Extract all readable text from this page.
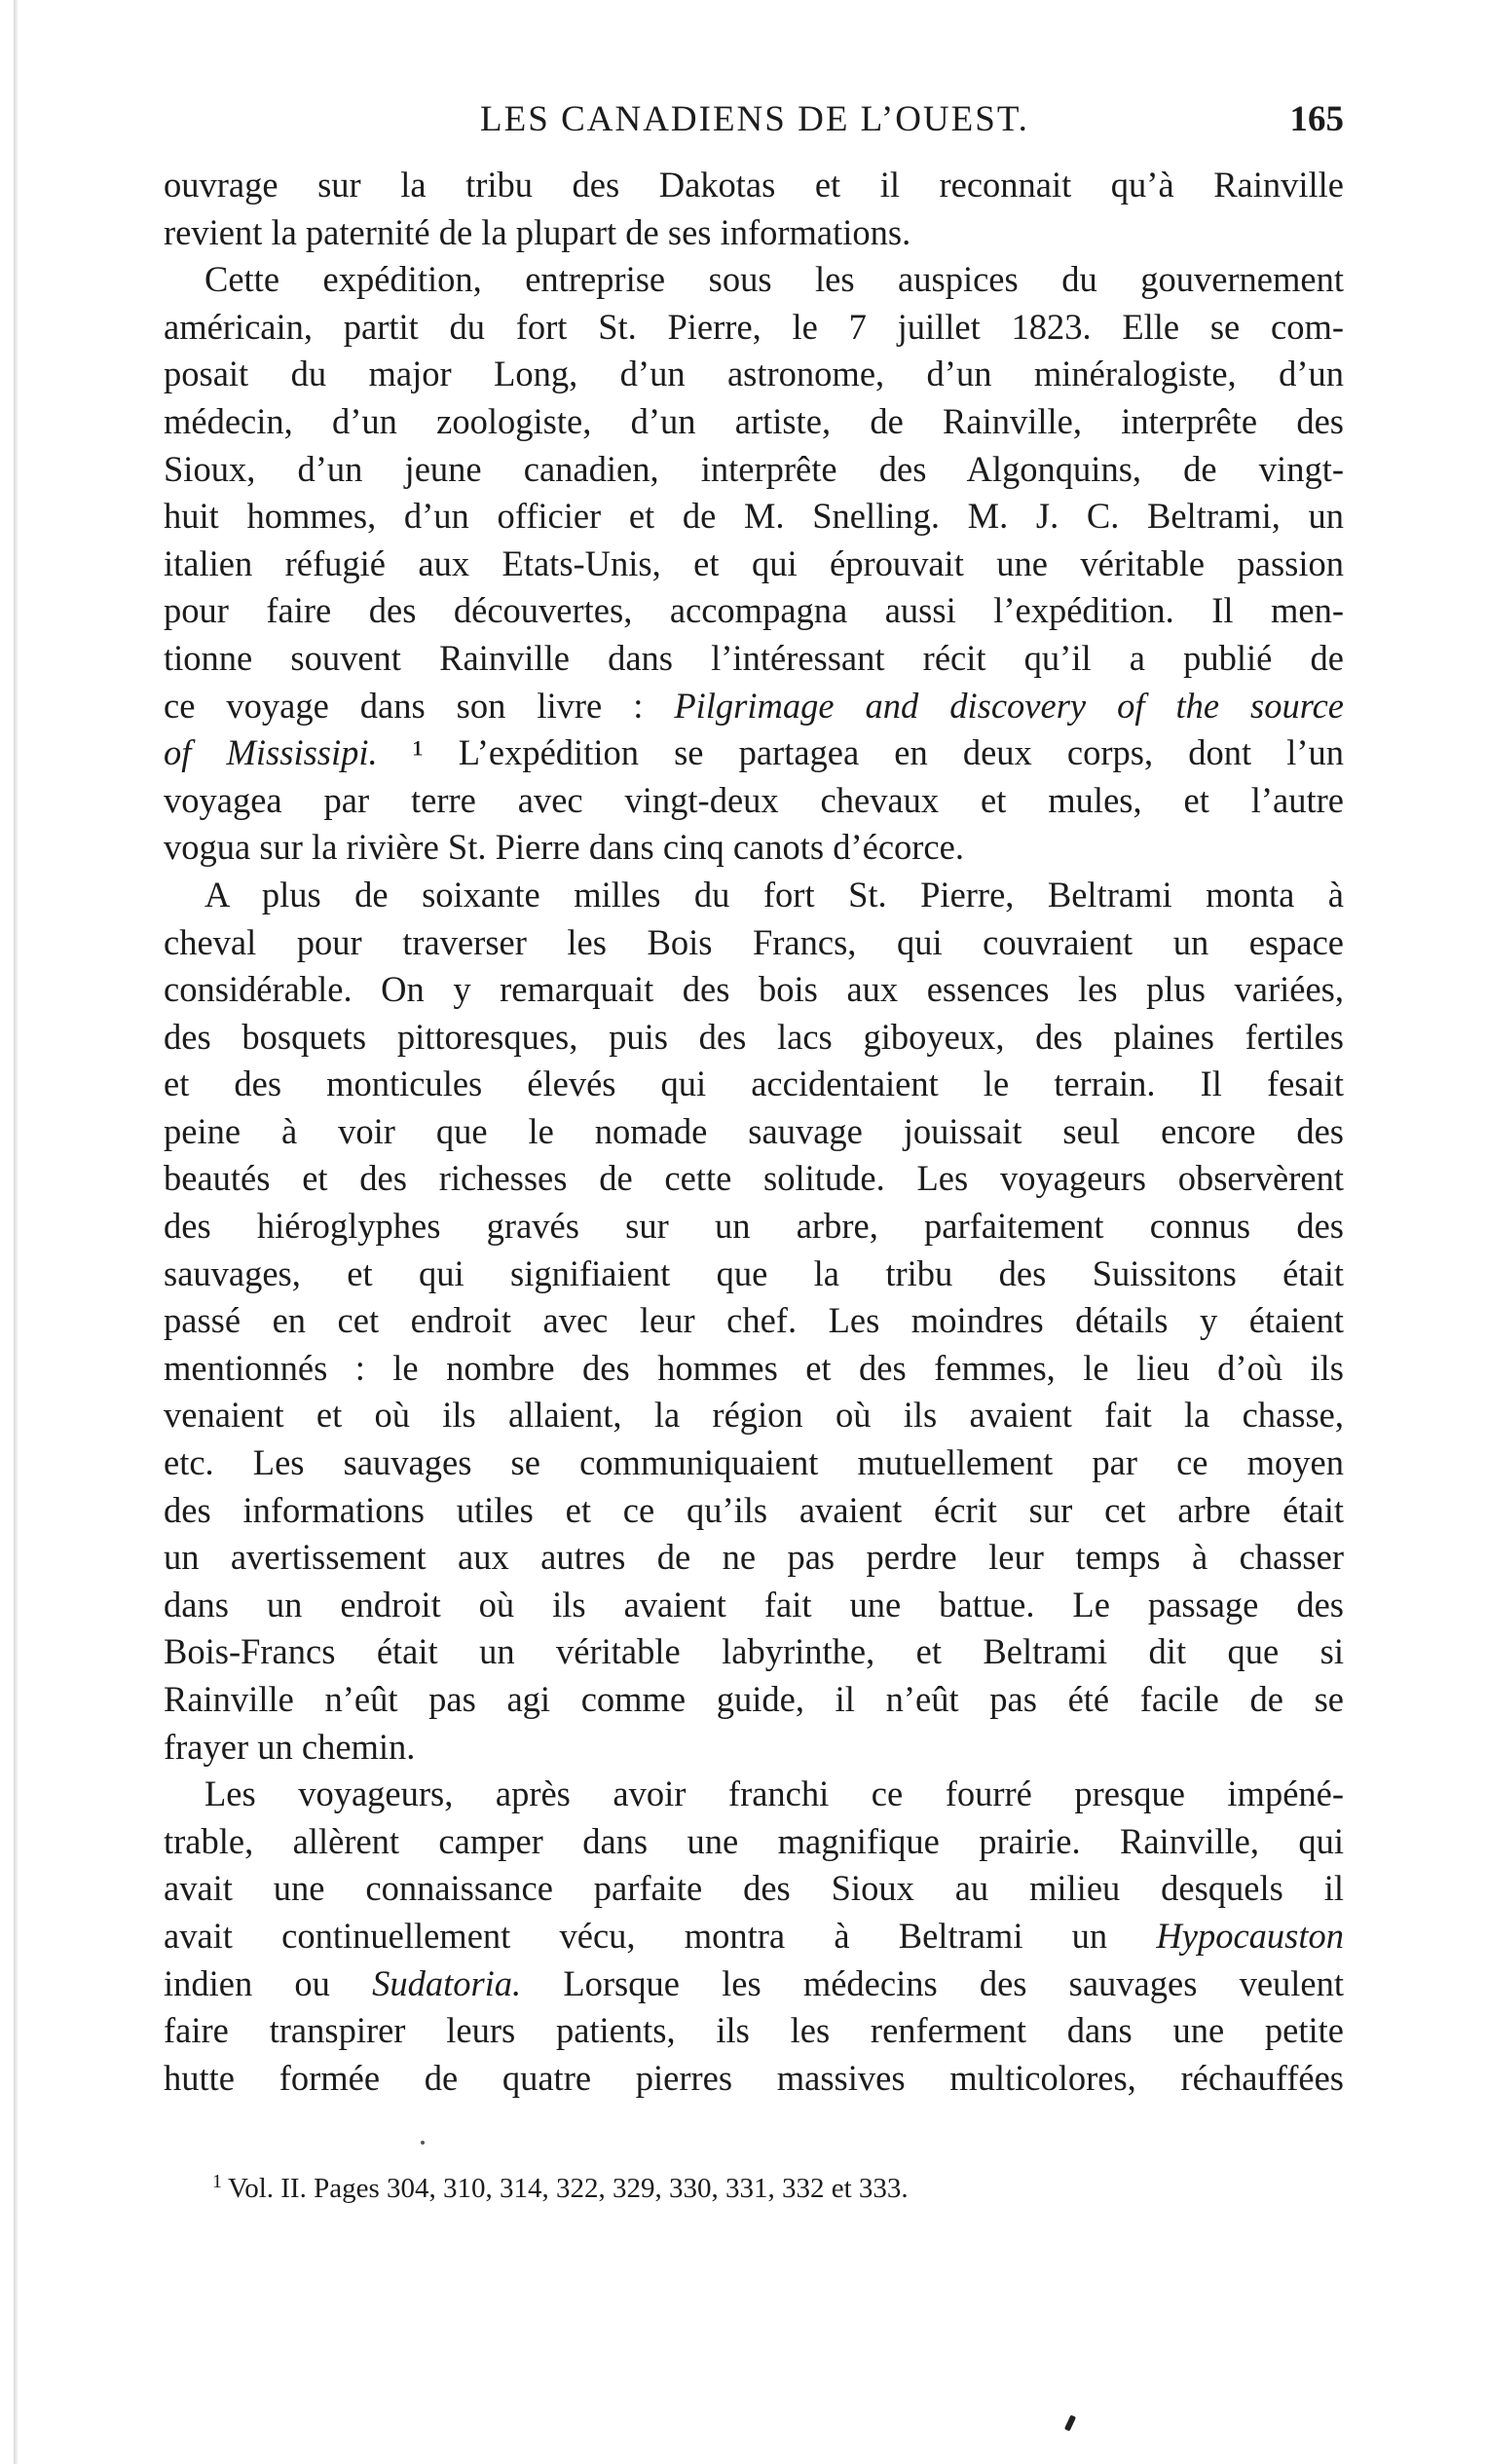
LES CANADIENS DE L’OUEST.	165
ouvrage sur la tribu des Dakotas et il reconnait qu’à Rainville
revient la paternité de la plupart de ses informations.
Cette expédition, entreprise sous les auspices du gouvernement
américain, partit du fort St. Pierre, le 7 juillet 1823. Elle se com-
posait du major Long, d’un astronome, d’un minéralogiste, d’un
médecin, d’un zoologiste, d’un artiste, de Rainville, interprête des
Sioux, d’un jeune canadien, interprête des Algonquins, de vingt-
huit hommes, d’un officier et de M. Snelling. M. J. C. Beltrami, un
italien réfugié aux Etats-Unis, et qui éprouvait une véritable passion
pour faire des découvertes, accompagna aussi l’expédition. Il men-
tionne souvent Rainville dans l’intéressant récit qu’il a publié de
ce voyage dans son livre : Pilgrimage and discovery of the source
of Mississipi. ¹ L’expédition se partagea en deux corps, dont l’un
voyagea par terre avec vingt-deux chevaux et mules, et l’autre
vogua sur la rivière St. Pierre dans cinq canots d’écorce.
A plus de soixante milles du fort St. Pierre, Beltrami monta à
cheval pour traverser les Bois Francs, qui couvraient un espace
considérable. On y remarquait des bois aux essences les plus variées,
des bosquets pittoresques, puis des lacs giboyeux, des plaines fertiles
et des monticules élevés qui accidentaient le terrain. Il fesait
peine à voir que le nomade sauvage jouissait seul encore des
beautés et des richesses de cette solitude. Les voyageurs observèrent
des hiéroglyphes gravés sur un arbre, parfaitement connus des
sauvages, et qui signifiaient que la tribu des Suissitons était
passé en cet endroit avec leur chef. Les moindres détails y étaient
mentionnés : le nombre des hommes et des femmes, le lieu d’où ils
venaient et où ils allaient, la région où ils avaient fait la chasse,
etc. Les sauvages se communiquaient mutuellement par ce moyen
des informations utiles et ce qu’ils avaient écrit sur cet arbre était
un avertissement aux autres de ne pas perdre leur temps à chasser
dans un endroit où ils avaient fait une battue. Le passage des
Bois-Francs était un véritable labyrinthe, et Beltrami dit que si
Rainville n’eût pas agi comme guide, il n’eût pas été facile de se
frayer un chemin.
Les voyageurs, après avoir franchi ce fourré presque impéné-
trable, allèrent camper dans une magnifique prairie. Rainville, qui
avait une connaissance parfaite des Sioux au milieu desquels il
avait continuellement vécu, montra à Beltrami un Hypocauston
indien ou Sudatoria. Lorsque les médecins des sauvages veulent
faire transpirer leurs patients, ils les renferment dans une petite
hutte formée de quatre pierres massives multicolores, réchauffées
$^1$ Vol. II. Pages 304, 310, 314, 322, 329, 330, 331, 332 et 333.
